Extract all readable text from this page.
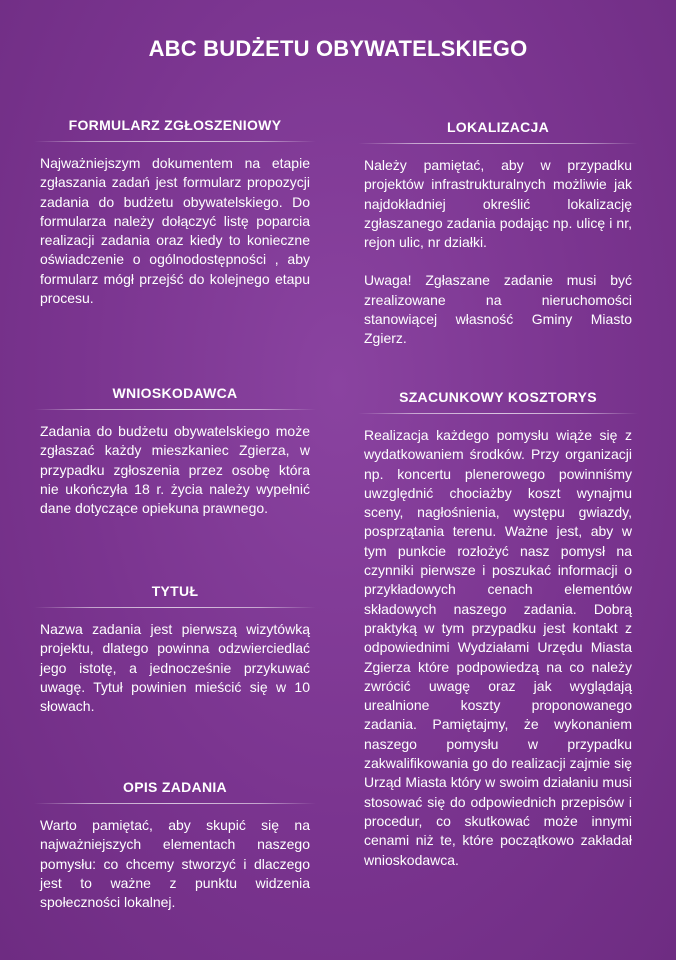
ABC BUDŻETU OBYWATELSKIEGO
FORMULARZ ZGŁOSZENIOWY

Najważniejszym dokumentem na etapie zgłaszania zadań jest formularz propozycji zadania do budżetu obywatelskiego. Do formularza należy dołączyć listę poparcia realizacji zadania oraz kiedy to konieczne oświadczenie o ogólnodostępności , aby formularz mógł przejść do kolejnego etapu procesu.

WNIOSKODAWCA

Zadania do budżetu obywatelskiego może zgłaszać każdy mieszkaniec Zgierza, w przypadku zgłoszenia przez osobę która nie ukończyła 18 r. życia należy wypełnić dane dotyczące opiekuna prawnego.

TYTUŁ

Nazwa zadania jest pierwszą wizytówką projektu, dlatego powinna odzwierciedlać jego istotę, a jednocześnie przykuwać uwagę. Tytuł powinien mieścić się w 10 słowach.

OPIS ZADANIA

Warto pamiętać, aby skupić się na najważniejszych elementach naszego pomysłu: co chcemy stworzyć i dlaczego jest to ważne z punktu widzenia społeczności lokalnej.

LOKALIZACJA

Należy pamiętać, aby w przypadku projektów infrastrukturalnych możliwie jak najdokładniej określić lokalizację zgłaszanego zadania podając np. ulicę i nr, rejon ulic, nr działki.

Uwaga! Zgłaszane zadanie musi być zrealizowane na nieruchomości stanowiącej własność Gminy Miasto Zgierz.

SZACUNKOWY KOSZTORYS

Realizacja każdego pomysłu wiąże się z wydatkowaniem środków. Przy organizacji np. koncertu plenerowego powinniśmy uwzględnić chociażby koszt wynajmu sceny, nagłośnienia, występu gwiazdy, posprzątania terenu. Ważne jest, aby w tym punkcie rozłożyć nasz pomysł na czynniki pierwsze i poszukać informacji o przykładowych cenach elementów składowych naszego zadania. Dobrą praktyką w tym przypadku jest kontakt z odpowiednimi Wydziałami Urzędu Miasta Zgierza które podpowiedzą na co należy zwrócić uwagę oraz jak wyglądają urealnione koszty proponowanego zadania. Pamiętajmy, że wykonaniem naszego pomysłu w przypadku zakwalifikowania go do realizacji zajmie się Urząd Miasta który w swoim działaniu musi stosować się do odpowiednich przepisów i procedur, co skutkować może innymi cenami niż te, które początkowo zakładał wnioskodawca.
